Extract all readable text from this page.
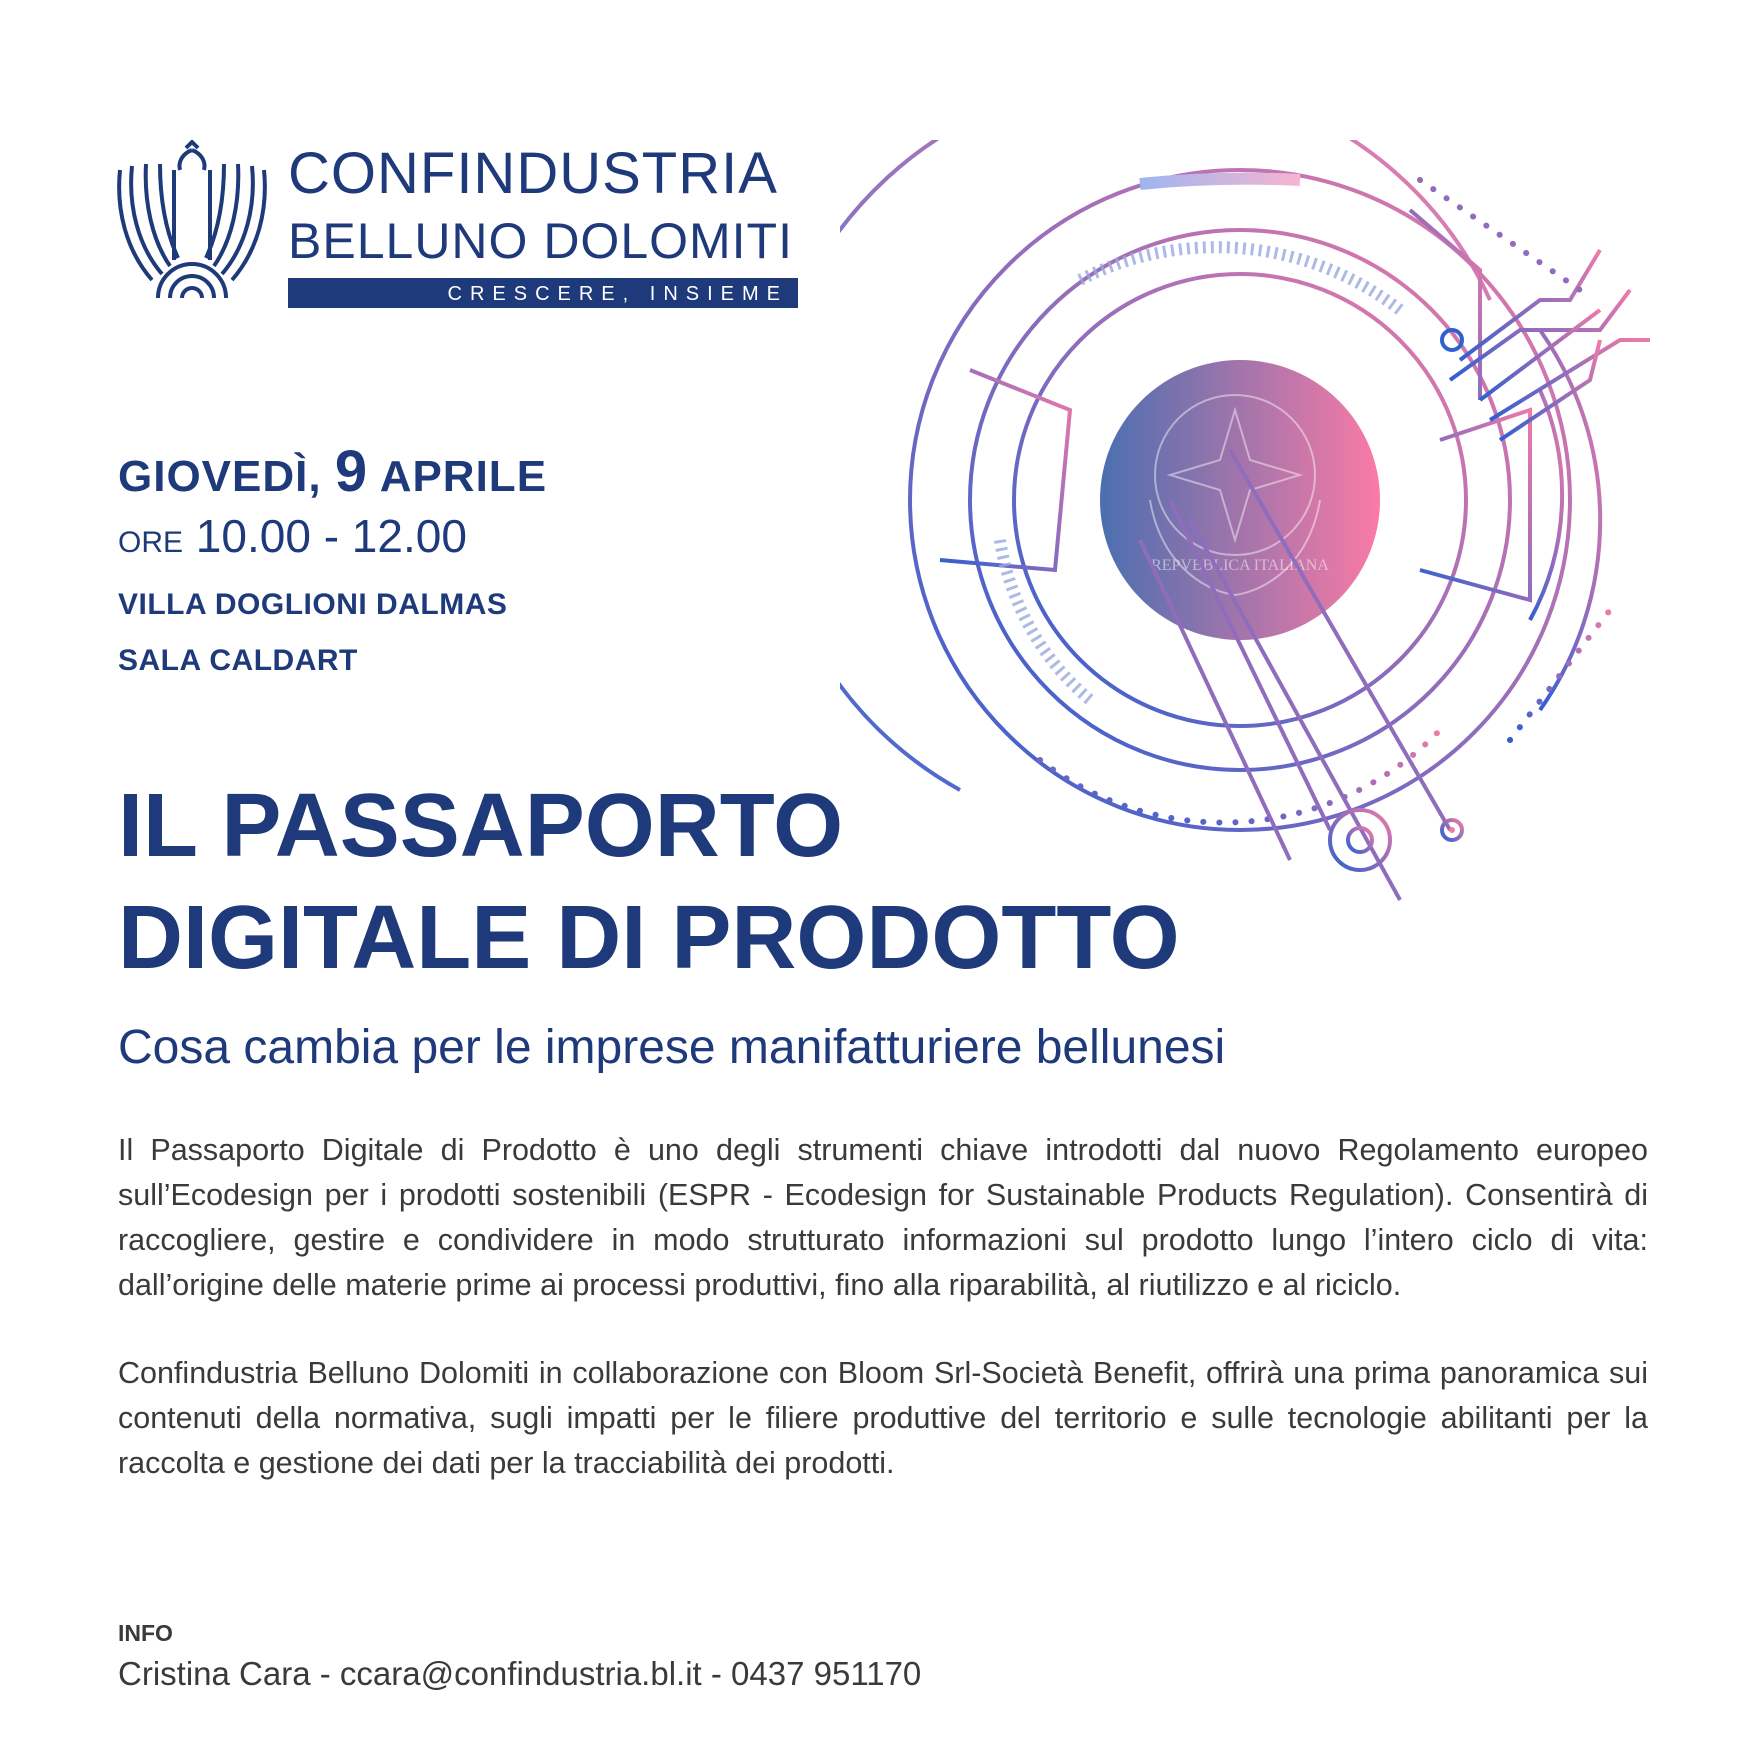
CONFINDUSTRIA
BELLUNO DOLOMITI
CRESCERE, INSIEME
GIOVEDÌ, 9 APRILE
ORE 10.00 - 12.00
VILLA DOGLIONI DALMAS
SALA CALDART
REPVBBLICA ITALIANA
IL PASSAPORTO
DIGITALE DI PRODOTTO
Cosa cambia per le imprese manifatturiere bellunesi

Il Passaporto Digitale di Prodotto è uno degli strumenti chiave introdotti dal nuovo Regolamento europeo sull’Ecodesign per i prodotti sostenibili (ESPR - Ecodesign for Sustainable Products Regulation). Consentirà di raccogliere, gestire e condividere in modo strutturato informazioni sul prodotto lungo l’intero ciclo di vita: dall’origine delle materie prime ai processi produttivi, fino alla riparabilità, al riutilizzo e al riciclo.

Confindustria Belluno Dolomiti in collaborazione con Bloom Srl-Società Benefit, offrirà una prima panoramica sui contenuti della normativa, sugli impatti per le filiere produttive del territorio e sulle tecnologie abilitanti per la raccolta e gestione dei dati per la tracciabilità dei prodotti.

INFO
Cristina Cara - ccara@confindustria.bl.it - 0437 951170
